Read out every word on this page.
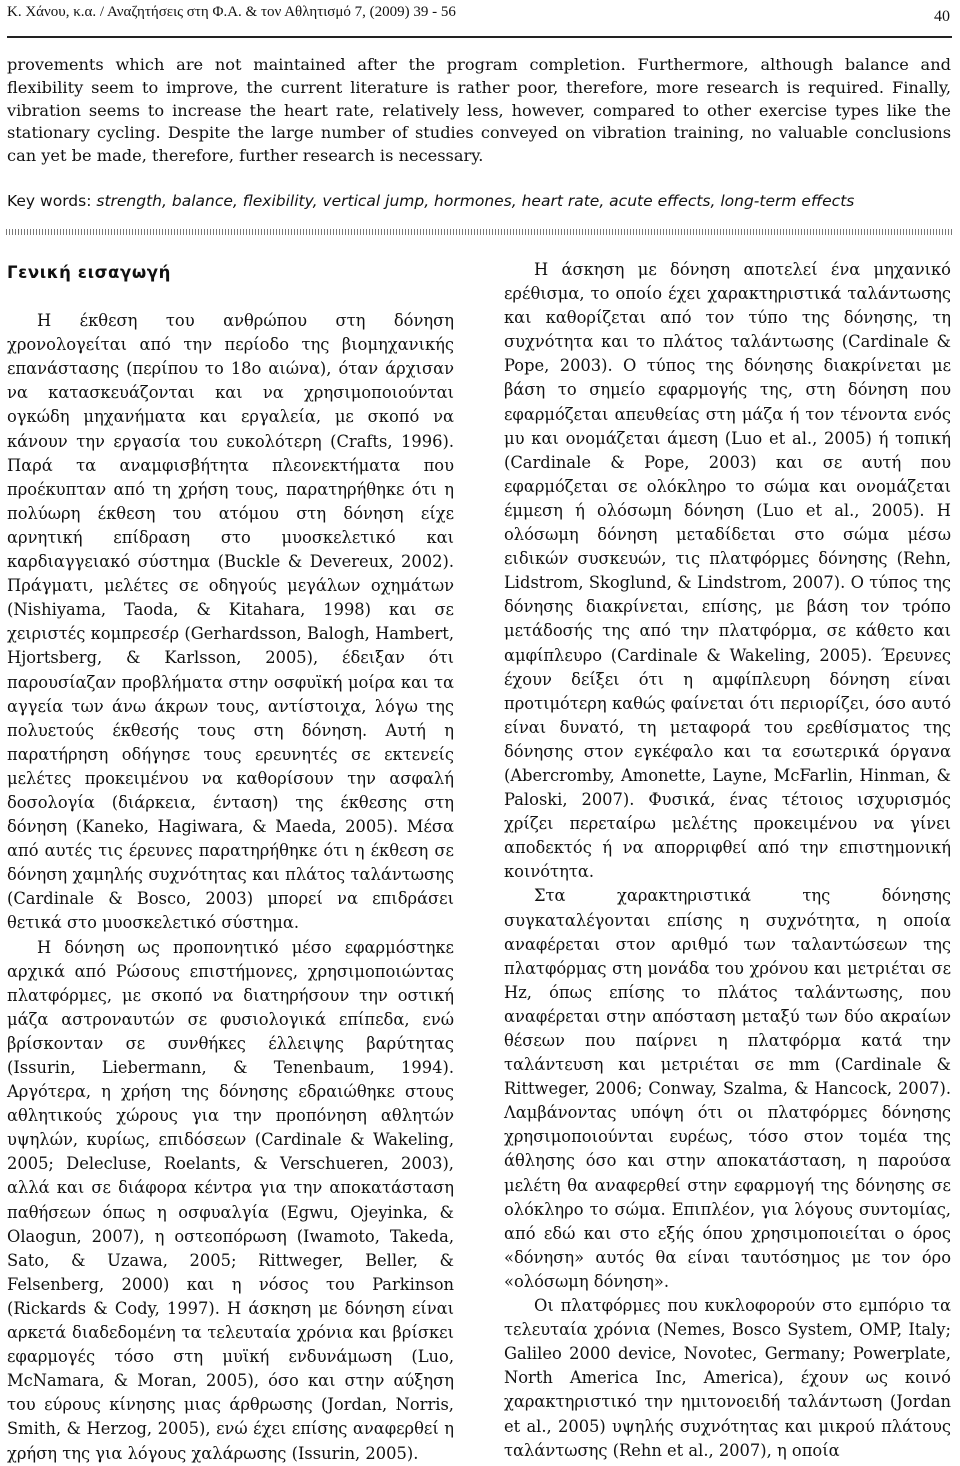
Κ. Χάνου, κ.α. / Αναζητήσεις στη Φ.Α. & τον Αθλητισμό 7, (2009) 39 - 56	40

provements which are not maintained after the program completion. Furthermore, although balance and flexibility seem to improve, the current literature is rather poor, therefore, more research is required. Finally, vibration seems to increase the heart rate, relatively less, however, compared to other exercise types like the stationary cycling. Despite the large number of studies conveyed on vibration training, no valuable conclusions can yet be made, therefore, further research is necessary.

Key words: strength, balance, flexibility, vertical jump, hormones, heart rate, acute effects, long-term effects
Γενική εισαγωγή

Η έκθεση του ανθρώπου στη δόνηση χρονολογείται από την περίοδο της βιομηχανικής επανάστασης (περίπου το 18ο αιώνα), όταν άρχισαν να κατασκευάζονται και να χρησιμοποιούνται ογκώδη μηχανήματα και εργαλεία, με σκοπό να κάνουν την εργασία του ευκολότερη (Crafts, 1996). Παρά τα αναμφισβήτητα πλεονεκτήματα που προέκυπταν από τη χρήση τους, παρατηρήθηκε ότι η πολύωρη έκθεση του ατόμου στη δόνηση είχε αρνητική επίδραση στο μυοσκελετικό και καρδιαγγειακό σύστημα (Buckle & Devereux, 2002). Πράγματι, μελέτες σε οδηγούς μεγάλων οχημάτων (Nishiyama, Taoda, & Kitahara, 1998) και σε χειριστές κομπρεσέρ (Gerhardsson, Balogh, Hambert, Hjortsberg, & Karlsson, 2005), έδειξαν ότι παρουσίαζαν προβλήματα στην οσφυϊκή μοίρα και τα αγγεία των άνω άκρων τους, αντίστοιχα, λόγω της πολυετούς έκθεσής τους στη δόνηση. Αυτή η παρατήρηση οδήγησε τους ερευνητές σε εκτενείς μελέτες προκειμένου να καθορίσουν την ασφαλή δοσολογία (διάρκεια, ένταση) της έκθεσης στη δόνηση (Kaneko, Hagiwara, & Maeda, 2005). Μέσα από αυτές τις έρευνες παρατηρήθηκε ότι η έκθεση σε δόνηση χαμηλής συχνότητας και πλάτος ταλάντωσης (Cardinale & Bosco, 2003) μπορεί να επιδράσει θετικά στο μυοσκελετικό σύστημα.

Η δόνηση ως προπονητικό μέσο εφαρμόστηκε αρχικά από Ρώσους επιστήμονες, χρησιμοποιώντας πλατφόρμες, με σκοπό να διατηρήσουν την οστική μάζα αστροναυτών σε φυσιολογικά επίπεδα, ενώ βρίσκονταν σε συνθήκες έλλειψης βαρύτητας (Issurin, Liebermann, & Tenenbaum, 1994). Αργότερα, η χρήση της δόνησης εδραιώθηκε στους αθλητικούς χώρους για την προπόνηση αθλητών υψηλών, κυρίως, επιδόσεων (Cardinale & Wakeling, 2005; Delecluse, Roelants, & Verschueren, 2003), αλλά και σε διάφορα κέντρα για την αποκατάσταση παθήσεων όπως η οσφυαλγία (Egwu, Ojeyinka, & Olaogun, 2007), η οστεοπόρωση (Iwamoto, Takeda, Sato, & Uzawa, 2005; Rittweger, Beller, & Felsenberg, 2000) και η νόσος του Parkinson (Rickards & Cody, 1997). Η άσκηση με δόνηση είναι αρκετά διαδεδομένη τα τελευταία χρόνια και βρίσκει εφαρμογές τόσο στη μυϊκή ενδυνάμωση (Luo, McNamara, & Moran, 2005), όσο και στην αύξηση του εύρους κίνησης μιας άρθρωσης (Jordan, Norris, Smith, & Herzog, 2005), ενώ έχει επίσης αναφερθεί η χρήση της για λόγους χαλάρωσης (Issurin, 2005).

Η άσκηση με δόνηση αποτελεί ένα μηχανικό ερέθισμα, το οποίο έχει χαρακτηριστικά ταλάντωσης και καθορίζεται από τον τύπο της δόνησης, τη συχνότητα και το πλάτος ταλάντωσης (Cardinale & Pope, 2003). Ο τύπος της δόνησης διακρίνεται με βάση το σημείο εφαρμογής της, στη δόνηση που εφαρμόζεται απευθείας στη μάζα ή τον τένοντα ενός μυ και ονομάζεται άμεση (Luo et al., 2005) ή τοπική (Cardinale & Pope, 2003) και σε αυτή που εφαρμόζεται σε ολόκληρο το σώμα και ονομάζεται έμμεση ή ολόσωμη δόνηση (Luo et al., 2005). Η ολόσωμη δόνηση μεταδίδεται στο σώμα μέσω ειδικών συσκευών, τις πλατφόρμες δόνησης (Rehn, Lidstrom, Skoglund, & Lindstrom, 2007). Ο τύπος της δόνησης διακρίνεται, επίσης, με βάση τον τρόπο μετάδοσής της από την πλατφόρμα, σε κάθετο και αμφίπλευρο (Cardinale & Wakeling, 2005). Έρευνες έχουν δείξει ότι η αμφίπλευρη δόνηση είναι προτιμότερη καθώς φαίνεται ότι περιορίζει, όσο αυτό είναι δυνατό, τη μεταφορά του ερεθίσματος της δόνησης στον εγκέφαλο και τα εσωτερικά όργανα (Abercromby, Amonette, Layne, McFarlin, Hinman, & Paloski, 2007). Φυσικά, ένας τέτοιος ισχυρισμός χρίζει περεταίρω μελέτης προκειμένου να γίνει αποδεκτός ή να απορριφθεί από την επιστημονική κοινότητα.

Στα χαρακτηριστικά της δόνησης συγκαταλέγονται επίσης η συχνότητα, η οποία αναφέρεται στον αριθμό των ταλαντώσεων της πλατφόρμας στη μονάδα του χρόνου και μετριέται σε Hz, όπως επίσης το πλάτος ταλάντωσης, που αναφέρεται στην απόσταση μεταξύ των δύο ακραίων θέσεων που παίρνει η πλατφόρμα κατά την ταλάντευση και μετριέται σε mm (Cardinale & Rittweger, 2006; Conway, Szalma, & Hancock, 2007). Λαμβάνοντας υπόψη ότι οι πλατφόρμες δόνησης χρησιμοποιούνται ευρέως, τόσο στον τομέα της άθλησης όσο και στην αποκατάσταση, η παρούσα μελέτη θα αναφερθεί στην εφαρμογή της δόνησης σε ολόκληρο το σώμα. Επιπλέον, για λόγους συντομίας, από εδώ και στο εξής όπου χρησιμοποιείται ο όρος «δόνηση» αυτός θα είναι ταυτόσημος με τον όρο «ολόσωμη δόνηση».

Οι πλατφόρμες που κυκλοφορούν στο εμπόριο τα τελευταία χρόνια (Nemes, Bosco System, OMP, Italy; Galileo 2000 device, Novotec, Germany; Powerplate, North America Inc, America), έχουν ως κοινό χαρακτηριστικό την ημιτονοειδή ταλάντωση (Jordan et al., 2005) υψηλής συχνότητας και μικρού πλάτους ταλάντωσης (Rehn et al., 2007), η οποία
